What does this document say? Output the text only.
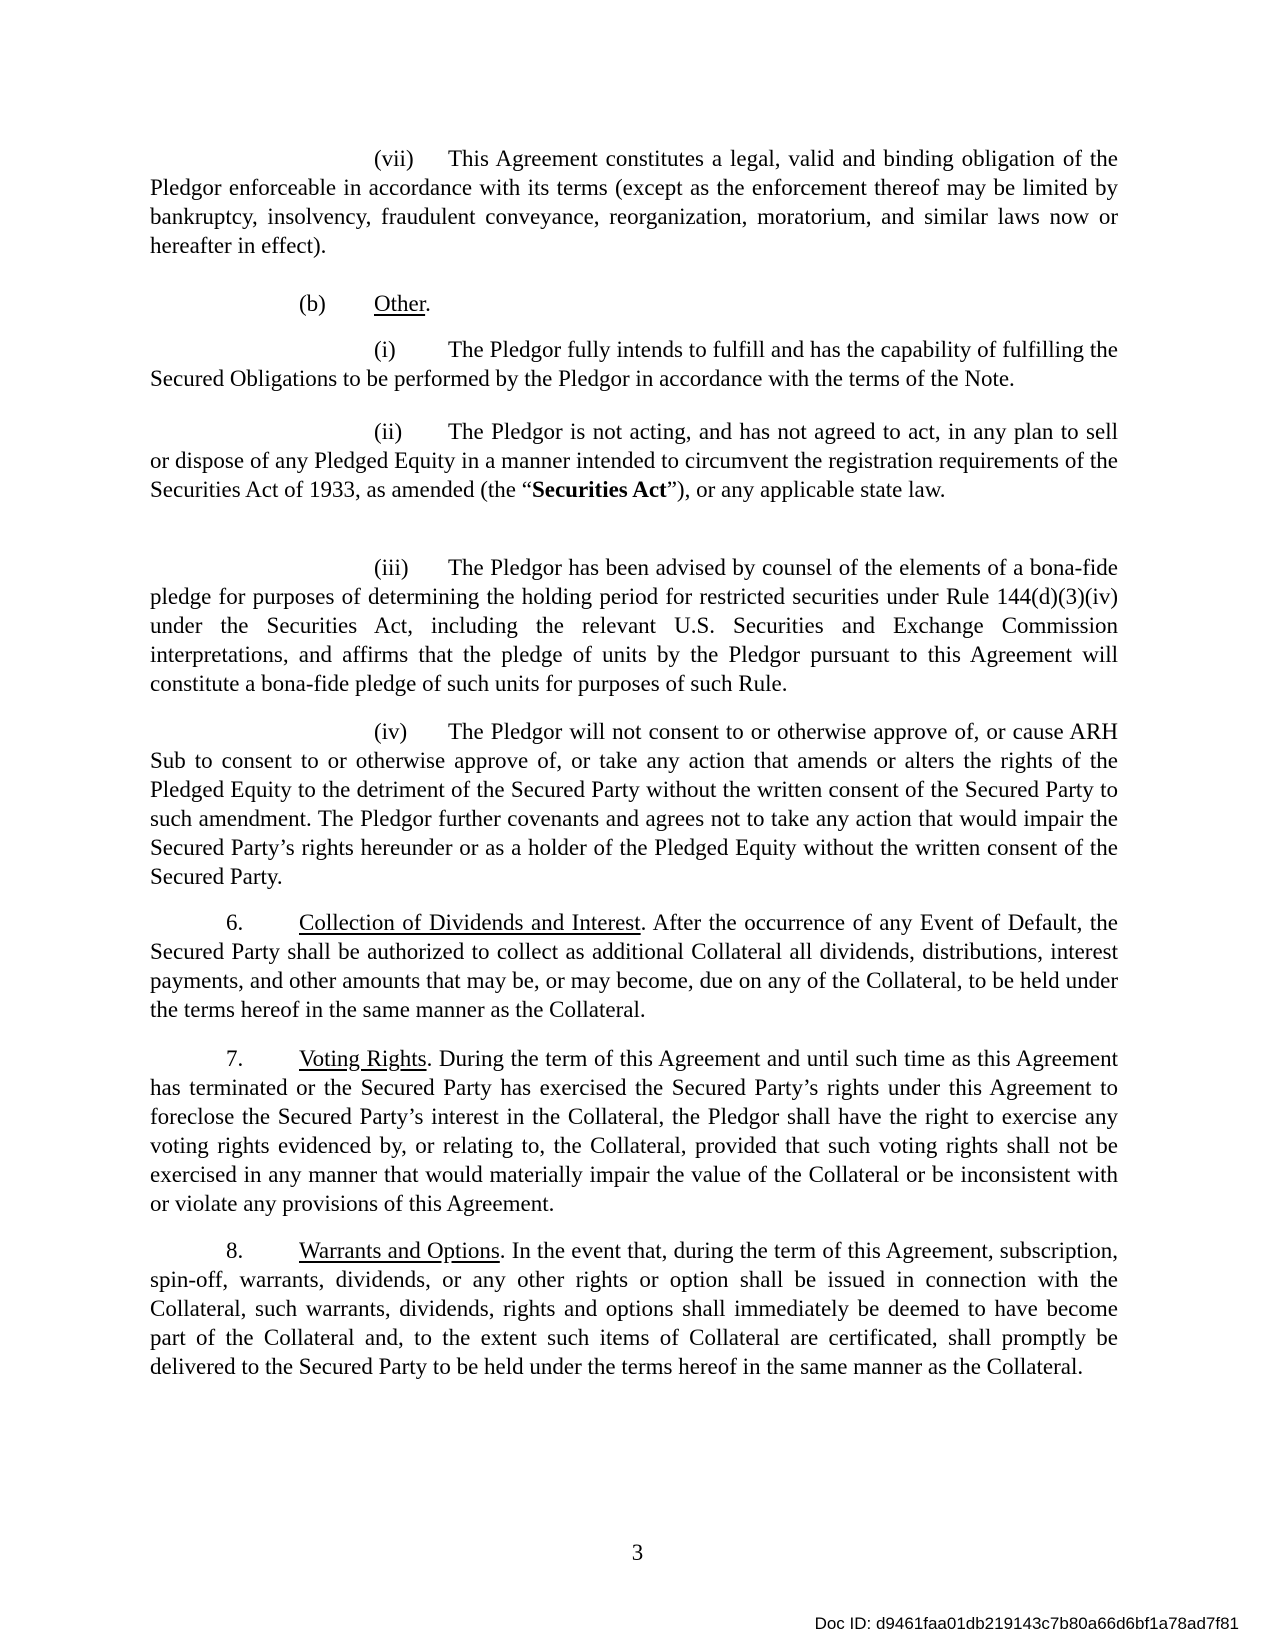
(vii) This Agreement constitutes a legal, valid and binding obligation of the Pledgor enforceable in accordance with its terms (except as the enforcement thereof may be limited by bankruptcy, insolvency, fraudulent conveyance, reorganization, moratorium, and similar laws now or hereafter in effect).

(b) Other.

(i) The Pledgor fully intends to fulfill and has the capability of fulfilling the Secured Obligations to be performed by the Pledgor in accordance with the terms of the Note.

(ii) The Pledgor is not acting, and has not agreed to act, in any plan to sell or dispose of any Pledged Equity in a manner intended to circumvent the registration requirements of the Securities Act of 1933, as amended (the “Securities Act”), or any applicable state law.

(iii) The Pledgor has been advised by counsel of the elements of a bona-fide pledge for purposes of determining the holding period for restricted securities under Rule 144(d)(3)(iv) under the Securities Act, including the relevant U.S. Securities and Exchange Commission interpretations, and affirms that the pledge of units by the Pledgor pursuant to this Agreement will constitute a bona-fide pledge of such units for purposes of such Rule.

(iv) The Pledgor will not consent to or otherwise approve of, or cause ARH Sub to consent to or otherwise approve of, or take any action that amends or alters the rights of the Pledged Equity to the detriment of the Secured Party without the written consent of the Secured Party to such amendment. The Pledgor further covenants and agrees not to take any action that would impair the Secured Party’s rights hereunder or as a holder of the Pledged Equity without the written consent of the Secured Party.

6. Collection of Dividends and Interest. After the occurrence of any Event of Default, the Secured Party shall be authorized to collect as additional Collateral all dividends, distributions, interest payments, and other amounts that may be, or may become, due on any of the Collateral, to be held under the terms hereof in the same manner as the Collateral.

7. Voting Rights. During the term of this Agreement and until such time as this Agreement has terminated or the Secured Party has exercised the Secured Party’s rights under this Agreement to foreclose the Secured Party’s interest in the Collateral, the Pledgor shall have the right to exercise any voting rights evidenced by, or relating to, the Collateral, provided that such voting rights shall not be exercised in any manner that would materially impair the value of the Collateral or be inconsistent with or violate any provisions of this Agreement.

8. Warrants and Options. In the event that, during the term of this Agreement, subscription, spin-off, warrants, dividends, or any other rights or option shall be issued in connection with the Collateral, such warrants, dividends, rights and options shall immediately be deemed to have become part of the Collateral and, to the extent such items of Collateral are certificated, shall promptly be delivered to the Secured Party to be held under the terms hereof in the same manner as the Collateral.

3

Doc ID: d9461faa01db219143c7b80a66d6bf1a78ad7f81
